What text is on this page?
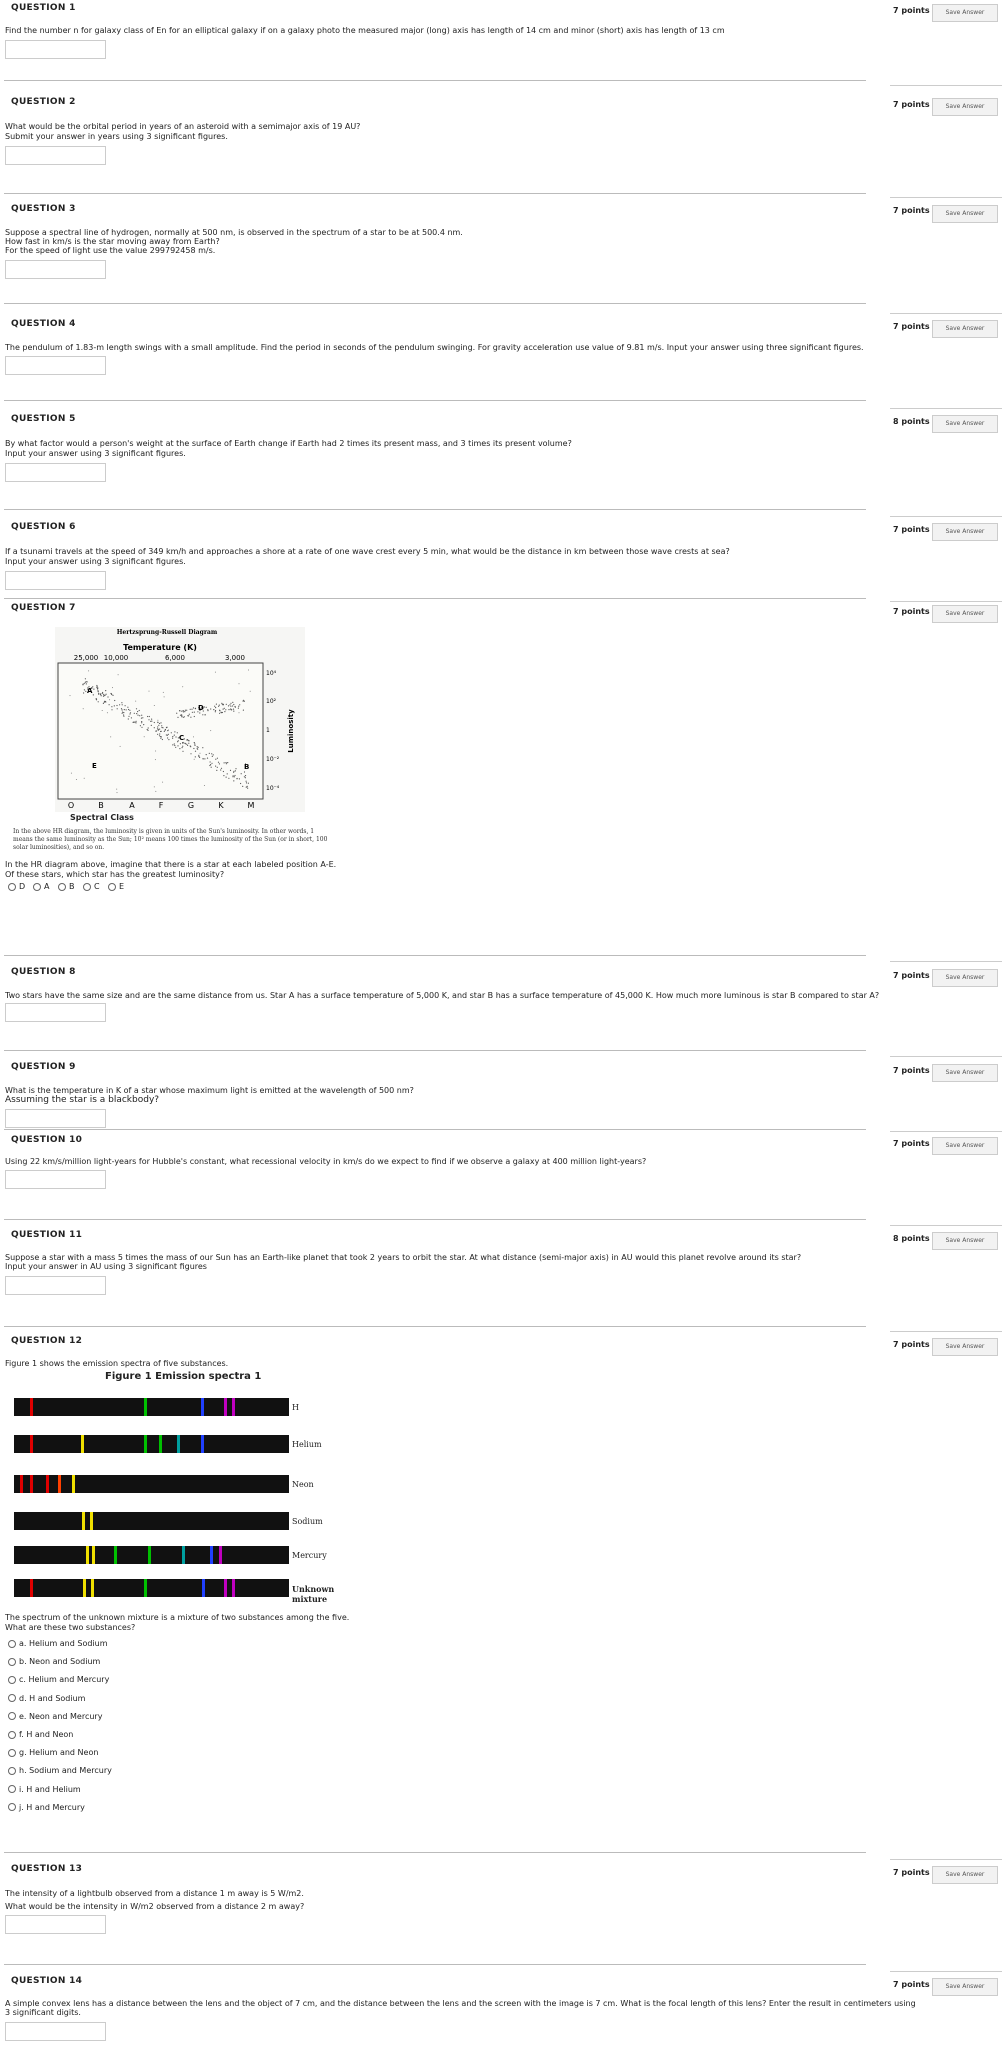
QUESTION 1	7 points	Save Answer
Find the number n for galaxy class of En for an elliptical galaxy if on a galaxy photo the measured major (long) axis has length of 14 cm and minor (short) axis has length of 13 cm
QUESTION 2	7 points	Save Answer
What would be the orbital period in years of an asteroid with a semimajor axis of 19 AU?
Submit your answer in years using 3 significant figures.
QUESTION 3	7 points	Save Answer
Suppose a spectral line of hydrogen, normally at 500 nm, is observed in the spectrum of a star to be at 500.4 nm.
How fast in km/s is the star moving away from Earth?
For the speed of light use the value 299792458 m/s.
QUESTION 4	7 points	Save Answer
The pendulum of 1.83-m length swings with a small amplitude. Find the period in seconds of the pendulum swinging. For gravity acceleration use value of 9.81 m/s. Input your answer using three significant figures.
QUESTION 5	8 points	Save Answer
By what factor would a person's weight at the surface of Earth change if Earth had 2 times its present mass, and 3 times its present volume?
Input your answer using 3 significant figures.
QUESTION 6	7 points	Save Answer
If a tsunami travels at the speed of 349 km/h and approaches a shore at a rate of one wave crest every 5 min, what would be the distance in km between those wave crests at sea?
Input your answer using 3 significant figures.
QUESTION 7	7 points	Save Answer
Hertzsprung-Russell Diagram
Temperature (K)
25,000 10,000	6,000	3,000
A
D
C
E	B
10⁴
10²
1
10⁻²
10⁻⁴
Luminosity
O	B	A	F	G	K	M
Spectral Class
In the above HR diagram, the luminosity is given in units of the Sun's luminosity. In other words, 1
means the same luminosity as the Sun; 10² means 100 times the luminosity of the Sun (or in short, 100
solar luminosities), and so on.
In the HR diagram above, imagine that there is a star at each labeled position A-E.
Of these stars, which star has the greatest luminosity?
D	A	B	C	E
QUESTION 8	7 points	Save Answer
Two stars have the same size and are the same distance from us. Star A has a surface temperature of 5,000 K, and star B has a surface temperature of 45,000 K. How much more luminous is star B compared to star A?
QUESTION 9	7 points	Save Answer
What is the temperature in K of a star whose maximum light is emitted at the wavelength of 500 nm?
Assuming the star is a blackbody?
QUESTION 10	7 points	Save Answer
Using 22 km/s/million light-years for Hubble's constant, what recessional velocity in km/s do we expect to find if we observe a galaxy at 400 million light-years?
QUESTION 11	8 points	Save Answer
Suppose a star with a mass 5 times the mass of our Sun has an Earth-like planet that took 2 years to orbit the star. At what distance (semi-major axis) in AU would this planet revolve around its star?
Input your answer in AU using 3 significant figures
QUESTION 12	7 points	Save Answer
Figure 1 shows the emission spectra of five substances.
Figure 1 Emission spectra 1
H
Helium
Neon
Sodium
Mercury
Unknown mixture
The spectrum of the unknown mixture is a mixture of two substances among the five.
What are these two substances?
a. Helium and Sodium
b. Neon and Sodium
c. Helium and Mercury
d. H and Sodium
e. Neon and Mercury
f. H and Neon
g. Helium and Neon
h. Sodium and Mercury
i. H and Helium
j. H and Mercury
QUESTION 13	7 points	Save Answer
The intensity of a lightbulb observed from a distance 1 m away is 5 W/m2.
What would be the intensity in W/m2 observed from a distance 2 m away?
QUESTION 14	7 points	Save Answer
A simple convex lens has a distance between the lens and the object of 7 cm, and the distance between the lens and the screen with the image is 7 cm. What is the focal length of this lens? Enter the result in centimeters using
3 significant digits.
